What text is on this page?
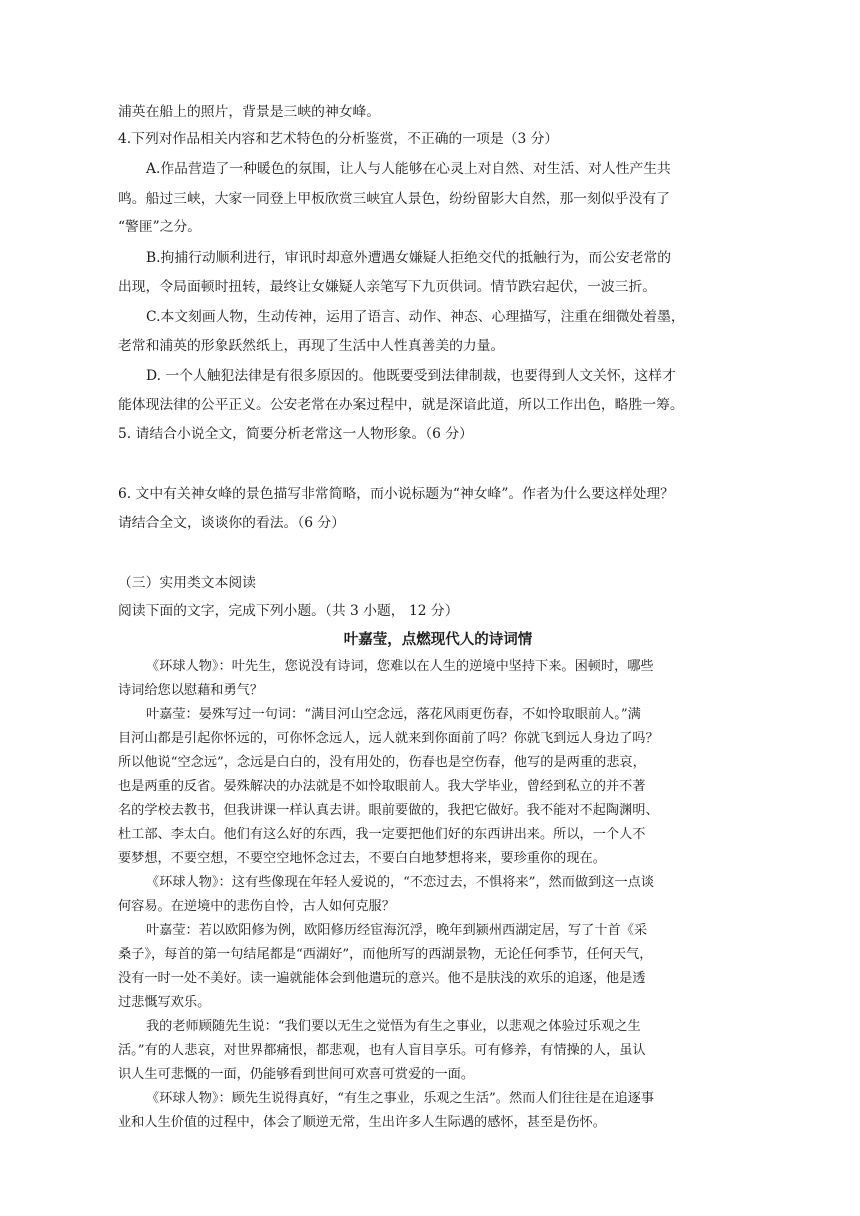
浦英在船上的照片，背景是三峡的神女峰。
4.下列对作品相关内容和艺术特色的分析鉴赏，不正确的一项是（3 分）
A.作品营造了一种暖色的氛围，让人与人能够在心灵上对自然、对生活、对人性产生共
鸣。船过三峡，大家一同登上甲板欣赏三峡宜人景色，纷纷留影大自然，那一刻似乎没有了
“警匪”之分。
B.拘捕行动顺利进行，审讯时却意外遭遇女嫌疑人拒绝交代的抵触行为，而公安老常的
出现，令局面顿时扭转，最终让女嫌疑人亲笔写下九页供词。情节跌宕起伏，一波三折。
C.本文刻画人物，生动传神，运用了语言、动作、神态、心理描写，注重在细微处着墨，
老常和浦英的形象跃然纸上，再现了生活中人性真善美的力量。
D. 一个人触犯法律是有很多原因的。他既要受到法律制裁，也要得到人文关怀，这样才
能体现法律的公平正义。公安老常在办案过程中，就是深谙此道，所以工作出色，略胜一筹。
5. 请结合小说全文，简要分析老常这一人物形象。（6 分）
6. 文中有关神女峰的景色描写非常简略，而小说标题为“神女峰”。作者为什么要这样处理？
请结合全文，谈谈你的看法。（6 分）
（三）实用类文本阅读
阅读下面的文字，完成下列小题。（共 3 小题， 12 分）
叶嘉莹，点燃现代人的诗词情
《环球人物》：叶先生，您说没有诗词，您难以在人生的逆境中坚持下来。困顿时，哪些
诗词给您以慰藉和勇气？
叶嘉莹：晏殊写过一句词：“满目河山空念远，落花风雨更伤春，不如怜取眼前人。”满
目河山都是引起你怀远的，可你怀念远人，远人就来到你面前了吗？你就飞到远人身边了吗？
所以他说“空念远”，念远是白白的，没有用处的，伤春也是空伤春，他写的是两重的悲哀，
也是两重的反省。晏殊解决的办法就是不如怜取眼前人。我大学毕业，曾经到私立的并不著
名的学校去教书，但我讲课一样认真去讲。眼前要做的，我把它做好。我不能对不起陶渊明、
杜工部、李太白。他们有这么好的东西，我一定要把他们好的东西讲出来。所以，一个人不
要梦想，不要空想，不要空空地怀念过去，不要白白地梦想将来，要珍重你的现在。
《环球人物》：这有些像现在年轻人爱说的，“不恋过去，不惧将来”，然而做到这一点谈
何容易。在逆境中的悲伤自怜，古人如何克服？
叶嘉莹：若以欧阳修为例，欧阳修历经宦海沉浮，晚年到颍州西湖定居，写了十首《采
桑子》，每首的第一句结尾都是“西湖好”，而他所写的西湖景物，无论任何季节，任何天气，
没有一时一处不美好。读一遍就能体会到他遣玩的意兴。他不是肤浅的欢乐的追逐，他是透
过悲慨写欢乐。
我的老师顾随先生说：“我们要以无生之觉悟为有生之事业，以悲观之体验过乐观之生
活。”有的人悲哀，对世界都痛恨，都悲观，也有人盲目享乐。可有修养，有情操的人，虽认
识人生可悲慨的一面，仍能够看到世间可欢喜可赏爱的一面。
《环球人物》：顾先生说得真好，“有生之事业，乐观之生活”。然而人们往往是在追逐事
业和人生价值的过程中，体会了顺逆无常，生出许多人生际遇的感怀，甚至是伤怀。
